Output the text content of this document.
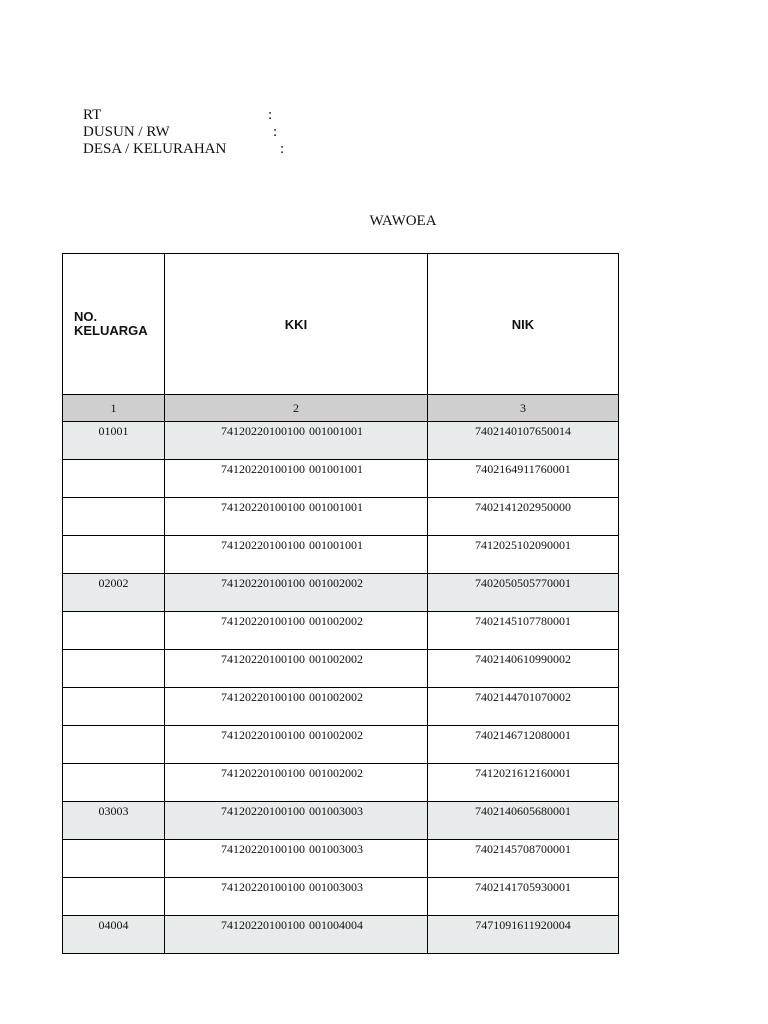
RT	:
DUSUN / RW	:
DESA / KELURAHAN	:
WAWOEA
NO. KELUARGA	KKI	NIK
1	2	3
01001	74120220100100 001001001	7402140107650014
	74120220100100 001001001	7402164911760001
	74120220100100 001001001	7402141202950000
	74120220100100 001001001	7412025102090001
02002	74120220100100 001002002	7402050505770001
	74120220100100 001002002	7402145107780001
	74120220100100 001002002	7402140610990002
	74120220100100 001002002	7402144701070002
	74120220100100 001002002	7402146712080001
	74120220100100 001002002	7412021612160001
03003	74120220100100 001003003	7402140605680001
	74120220100100 001003003	7402145708700001
	74120220100100 001003003	7402141705930001
04004	74120220100100 001004004	7471091611920004
